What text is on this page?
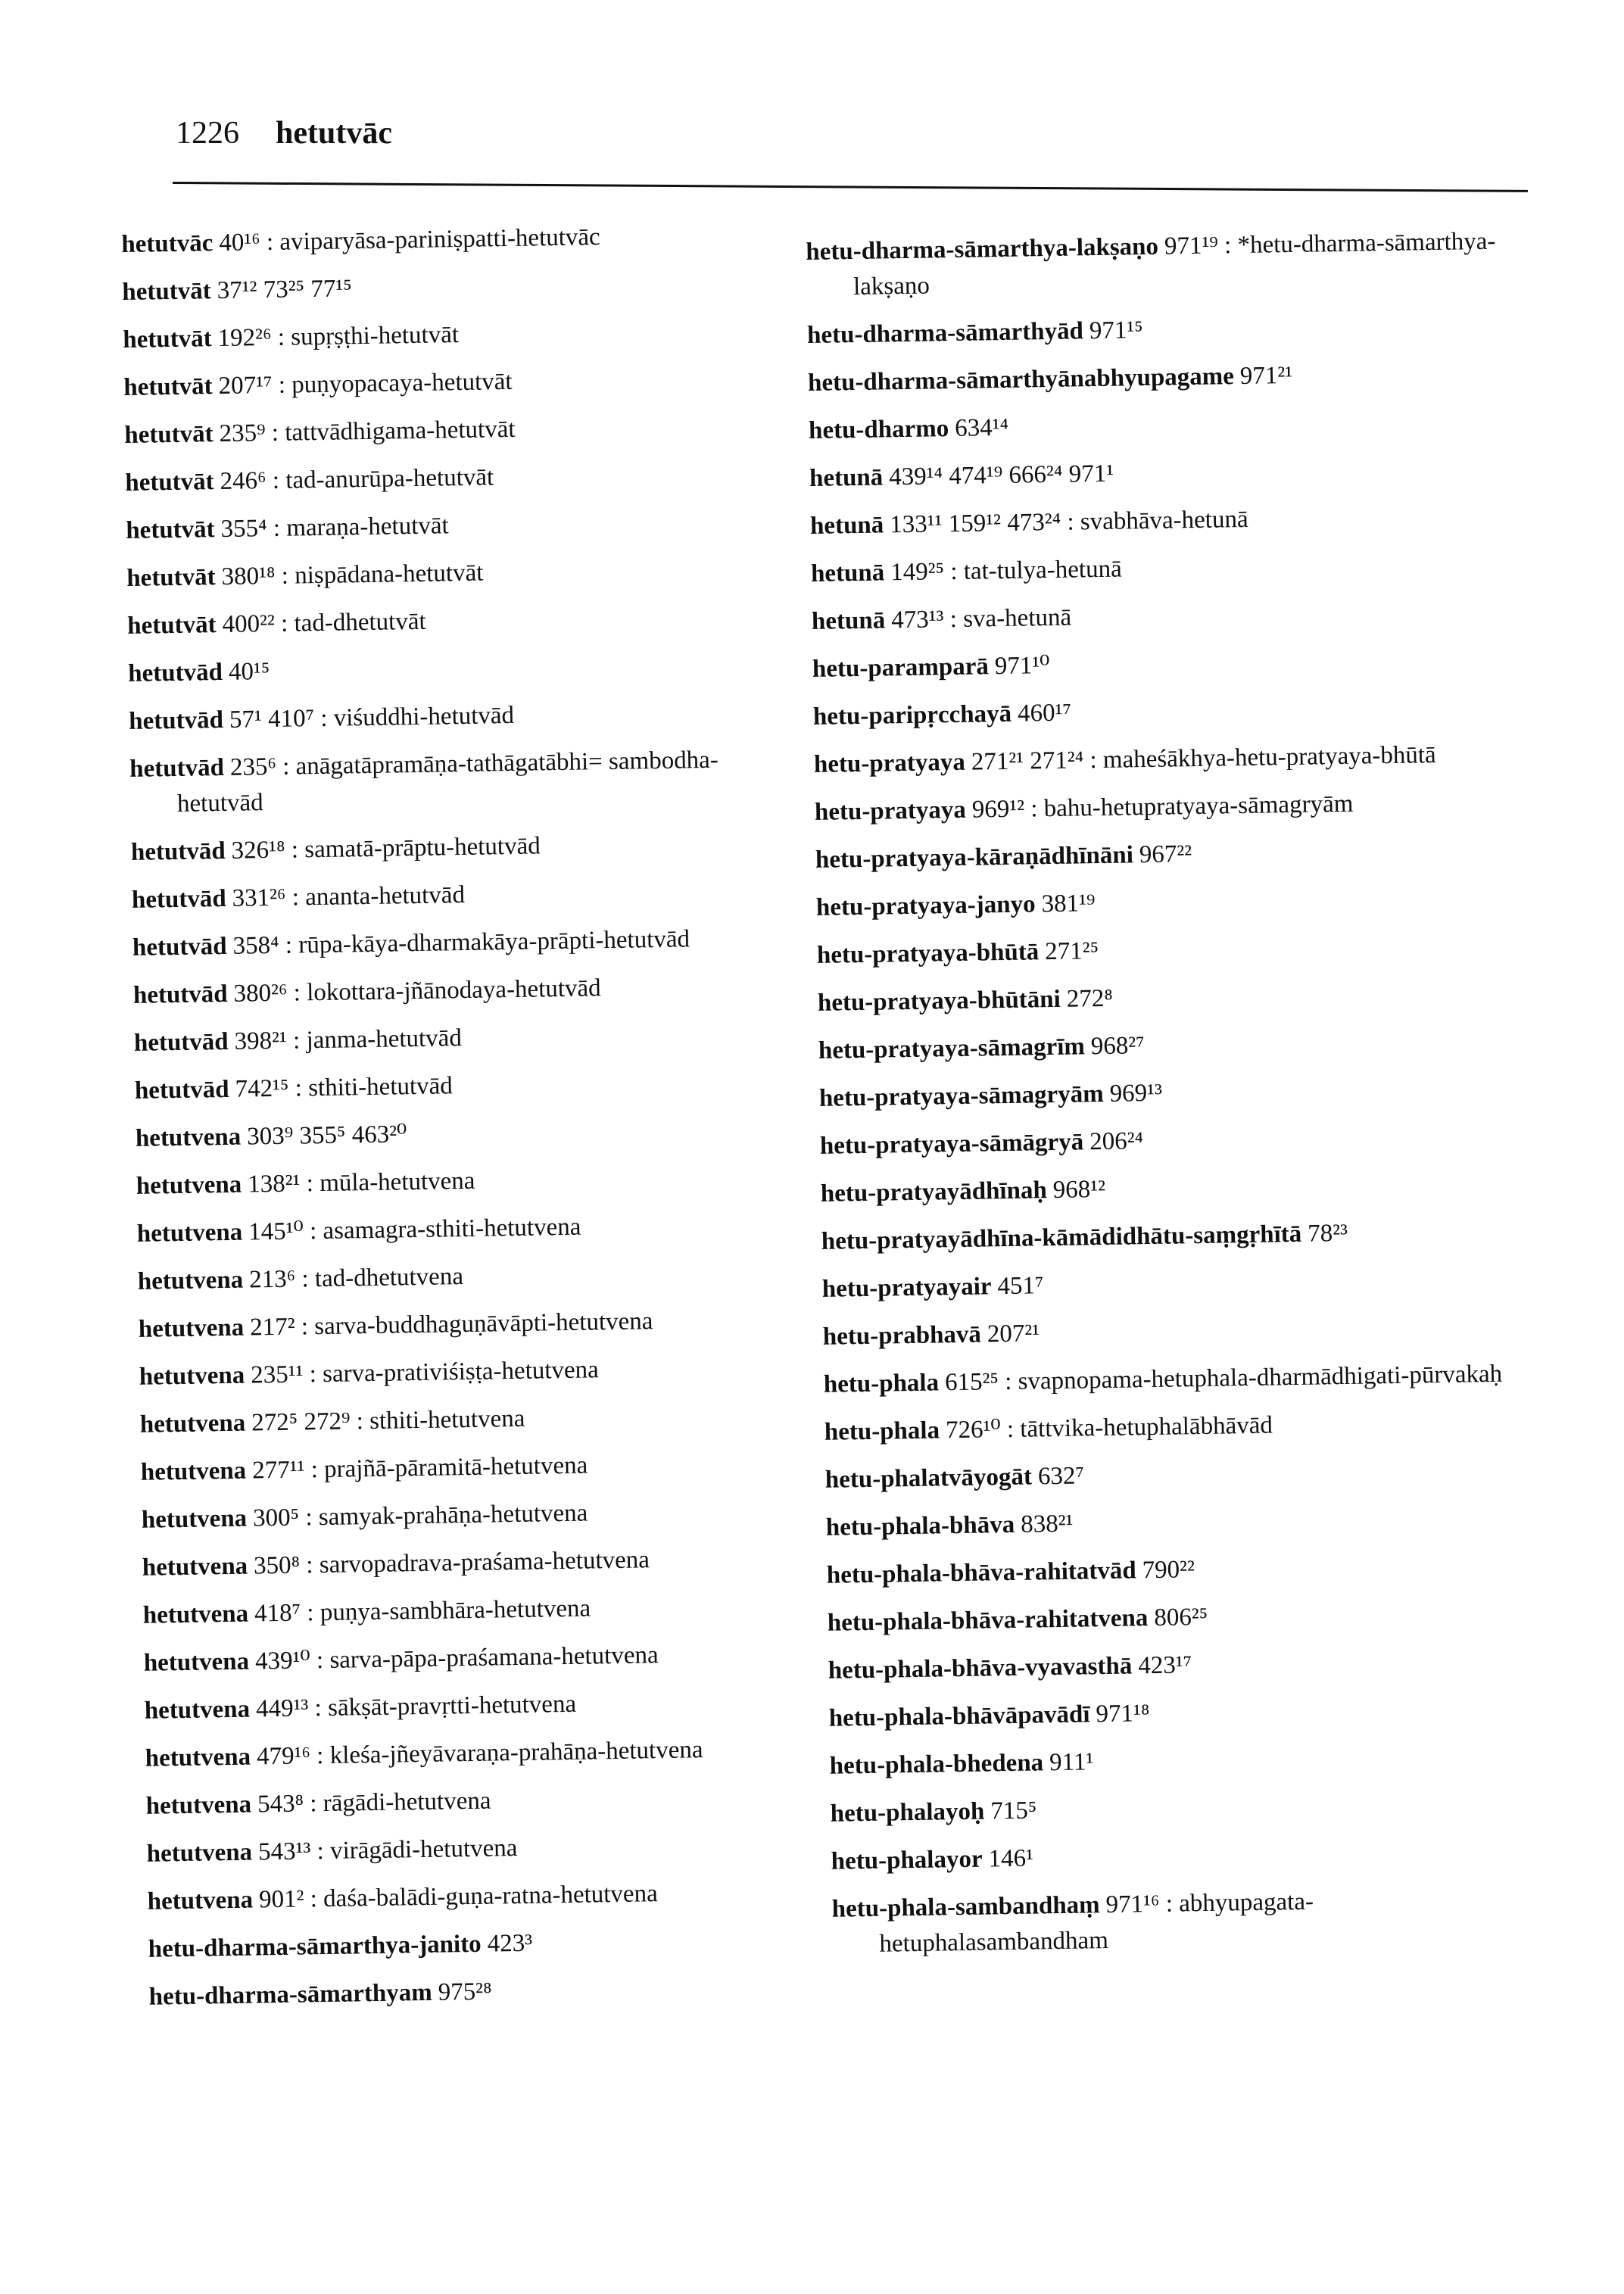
1226 hetutvāc
hetutvāc 40¹⁶ : aviparyāsa-pariniṣpatti-hetutvāc
hetutvāt 37¹² 73²⁵ 77¹⁵
hetutvāt 192²⁶ : supṛṣṭhi-hetutvāt
hetutvāt 207¹⁷ : puṇyopacaya-hetutvāt
hetutvāt 235⁹ : tattvādhigama-hetutvāt
hetutvāt 246⁶ : tad-anurūpa-hetutvāt
hetutvāt 355⁴ : maraṇa-hetutvāt
hetutvāt 380¹⁸ : niṣpādana-hetutvāt
hetutvāt 400²² : tad-dhetutvāt
hetutvād 40¹⁵
hetutvād 57¹ 410⁷ : viśuddhi-hetutvād
hetutvād 235⁶ : anāgatāpramāṇa-tathāgatābhi= sambodha-hetutvād
hetutvād 326¹⁸ : samatā-prāptu-hetutvād
hetutvād 331²⁶ : ananta-hetutvād
hetutvād 358⁴ : rūpa-kāya-dharmakāya-prāpti-hetutvād
hetutvād 380²⁶ : lokottara-jñānodaya-hetutvād
hetutvād 398²¹ : janma-hetutvād
hetutvād 742¹⁵ : sthiti-hetutvād
hetutvena 303⁹ 355⁵ 463²⁰
hetutvena 138²¹ : mūla-hetutvena
hetutvena 145¹⁰ : asamagra-sthiti-hetutvena
hetutvena 213⁶ : tad-dhetutvena
hetutvena 217² : sarva-buddhaguṇāvāpti-hetutvena
hetutvena 235¹¹ : sarva-prativiśiṣṭa-hetutvena
hetutvena 272⁵ 272⁹ : sthiti-hetutvena
hetutvena 277¹¹ : prajñā-pāramitā-hetutvena
hetutvena 300⁵ : samyak-prahāṇa-hetutvena
hetutvena 350⁸ : sarvopadrava-praśama-hetutvena
hetutvena 418⁷ : puṇya-sambhāra-hetutvena
hetutvena 439¹⁰ : sarva-pāpa-praśamana-hetutvena
hetutvena 449¹³ : sākṣāt-pravṛtti-hetutvena
hetutvena 479¹⁶ : kleśa-jñeyāvaraṇa-prahāṇa-hetutvena
hetutvena 543⁸ : rāgādi-hetutvena
hetutvena 543¹³ : virāgādi-hetutvena
hetutvena 901² : daśa-balādi-guṇa-ratna-hetutvena
hetu-dharma-sāmarthya-janito 423³
hetu-dharma-sāmarthyam 975²⁸
hetu-dharma-sāmarthya-lakṣaṇo 971¹⁹ : *hetu-dharma-sāmarthya-lakṣaṇo
hetu-dharma-sāmarthyād 971¹⁵
hetu-dharma-sāmarthyānabhyupagame 971²¹
hetu-dharmo 634¹⁴
hetunā 439¹⁴ 474¹⁹ 666²⁴ 971¹
hetunā 133¹¹ 159¹² 473²⁴ : svabhāva-hetunā
hetunā 149²⁵ : tat-tulya-hetunā
hetunā 473¹³ : sva-hetunā
hetu-paramparā 971¹⁰
hetu-paripṛcchayā 460¹⁷
hetu-pratyaya 271²¹ 271²⁴ : maheśākhya-hetu-pratyaya-bhūtā
hetu-pratyaya 969¹² : bahu-hetupratyaya-sāmagryām
hetu-pratyaya-kāraṇādhīnāni 967²²
hetu-pratyaya-janyo 381¹⁹
hetu-pratyaya-bhūtā 271²⁵
hetu-pratyaya-bhūtāni 272⁸
hetu-pratyaya-sāmagrīm 968²⁷
hetu-pratyaya-sāmagryām 969¹³
hetu-pratyaya-sāmāgryā 206²⁴
hetu-pratyayādhīnaḥ 968¹²
hetu-pratyayādhīna-kāmādidhātu-saṃgṛhītā 78²³
hetu-pratyayair 451⁷
hetu-prabhavā 207²¹
hetu-phala 615²⁵ : svapnopama-hetuphala-dharmādhigati-pūrvakaḥ
hetu-phala 726¹⁰ : tāttvika-hetuphalābhāvād
hetu-phalatvāyogāt 632⁷
hetu-phala-bhāva 838²¹
hetu-phala-bhāva-rahitatvād 790²²
hetu-phala-bhāva-rahitatvena 806²⁵
hetu-phala-bhāva-vyavasthā 423¹⁷
hetu-phala-bhāvāpavādī 971¹⁸
hetu-phala-bhedena 911¹
hetu-phalayoḥ 715⁵
hetu-phalayor 146¹
hetu-phala-sambandhaṃ 971¹⁶ : abhyupagata-hetuphalasambandham
